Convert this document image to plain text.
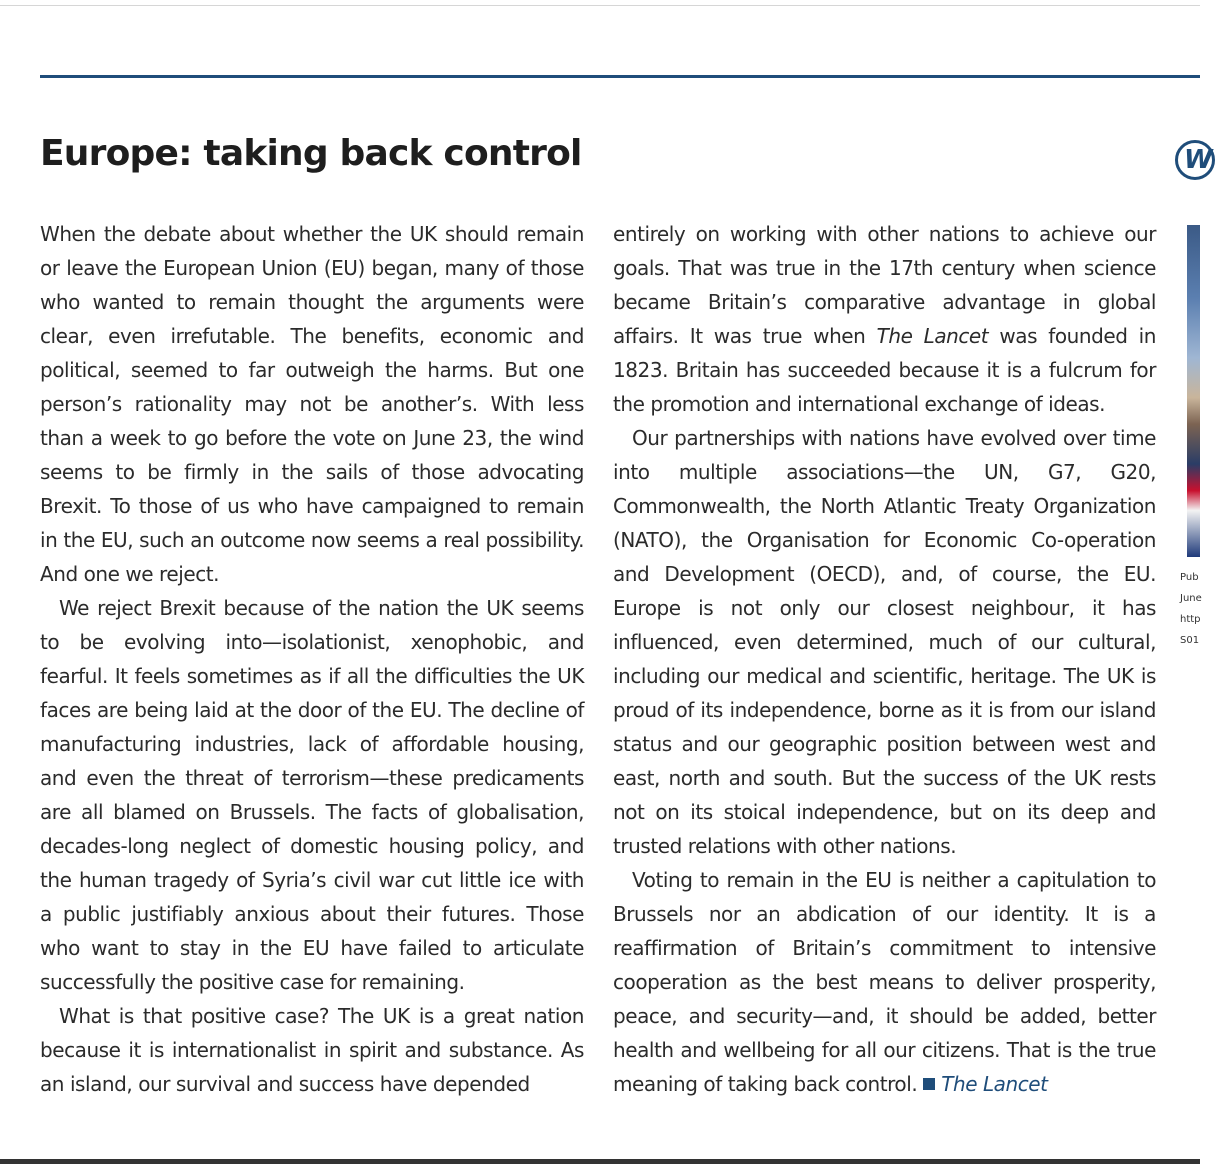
Europe: taking back control	W

When the debate about whether the UK should remain or leave the European Union (EU) began, many of those who wanted to remain thought the arguments were clear, even irrefutable. The benefits, economic and political, seemed to far outweigh the harms. But one person’s rationality may not be another’s. With less than a week to go before the vote on June 23, the wind seems to be firmly in the sails of those advocating Brexit. To those of us who have campaigned to remain in the EU, such an outcome now seems a real possibility. And one we reject.

We reject Brexit because of the nation the UK seems to be evolving into—isolationist, xenophobic, and fearful. It feels sometimes as if all the difficulties the UK faces are being laid at the door of the EU. The decline of manufacturing industries, lack of affordable housing, and even the threat of terrorism—these predicaments are all blamed on Brussels. The facts of globalisation, decades-long neglect of domestic housing policy, and the human tragedy of Syria’s civil war cut little ice with a public justifiably anxious about their futures. Those who want to stay in the EU have failed to articulate successfully the positive case for remaining.

What is that positive case? The UK is a great nation because it is internationalist in spirit and substance. As an island, our survival and success have depended

entirely on working with other nations to achieve our goals. That was true in the 17th century when science became Britain’s comparative advantage in global affairs. It was true when The Lancet was founded in 1823. Britain has succeeded because it is a fulcrum for the promotion and international exchange of ideas.

Our partnerships with nations have evolved over time into multiple associations—the UN, G7, G20, Commonwealth, the North Atlantic Treaty Organization (NATO), the Organisation for Economic Co-operation and Development (OECD), and, of course, the EU. Europe is not only our closest neighbour, it has influenced, even determined, much of our cultural, including our medical and scientific, heritage. The UK is proud of its independence, borne as it is from our island status and our geographic position between west and east, north and south. But the success of the UK rests not on its stoical independence, but on its deep and trusted relations with other nations.

Voting to remain in the EU is neither a capitulation to Brussels nor an abdication of our identity. It is a reaffirmation of Britain’s commitment to intensive cooperation as the best means to deliver prosperity, peace, and security—and, it should be added, better health and wellbeing for all our citizens. That is the true meaning of taking back control. The Lancet

Pub
June
http
S01
